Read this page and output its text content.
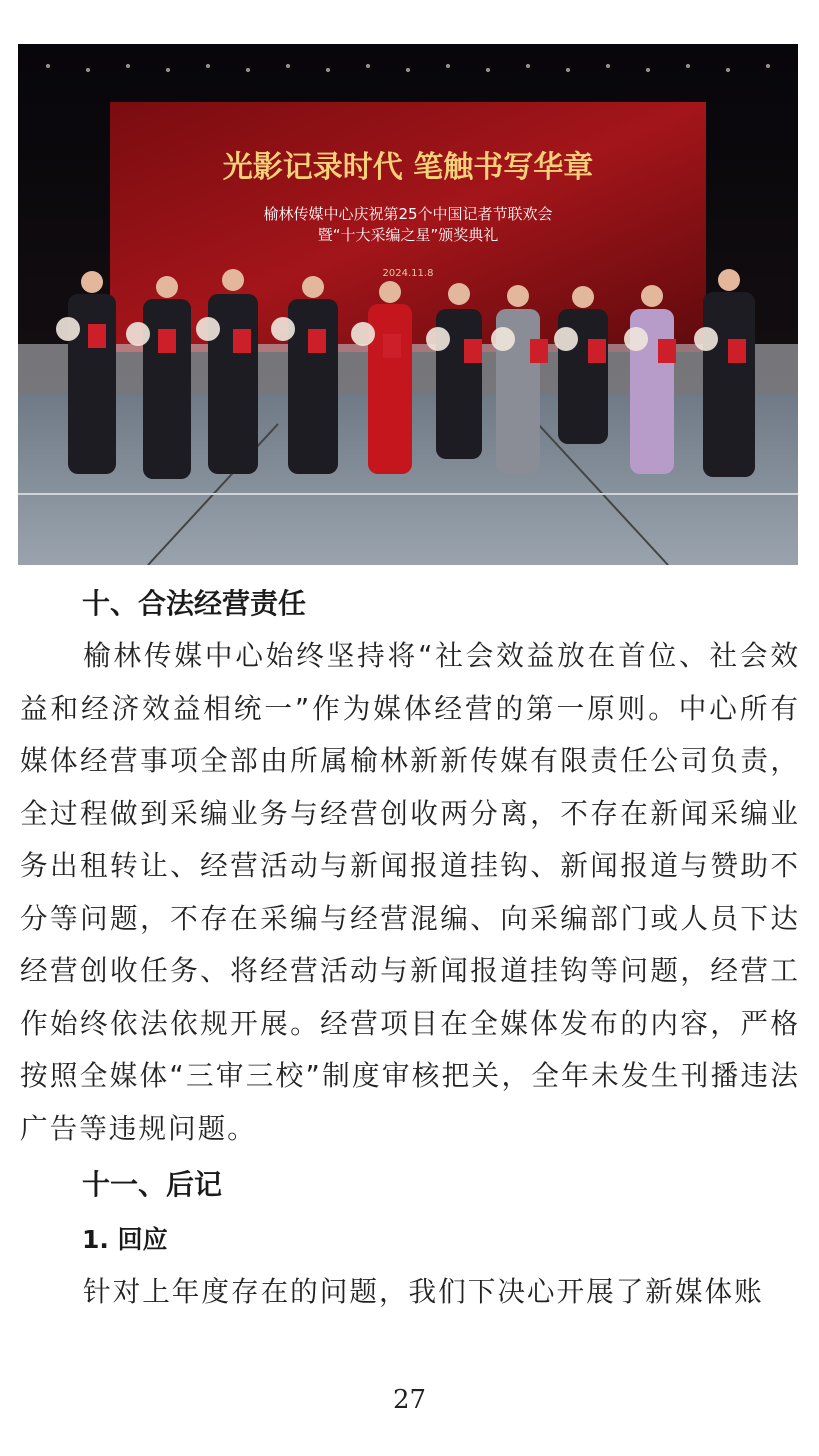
光影记录时代 笔触书写华章
榆林传媒中心庆祝第25个中国记者节联欢会
暨“十大采编之星”颁奖典礼
2024.11.8
十、合法经营责任
榆林传媒中心始终坚持将“社会效益放在首位、社会效益和经济效益相统一”作为媒体经营的第一原则。中心所有媒体经营事项全部由所属榆林新新传媒有限责任公司负责，全过程做到采编业务与经营创收两分离，不存在新闻采编业务出租转让、经营活动与新闻报道挂钩、新闻报道与赞助不分等问题，不存在采编与经营混编、向采编部门或人员下达经营创收任务、将经营活动与新闻报道挂钩等问题，经营工作始终依法依规开展。经营项目在全媒体发布的内容，严格按照全媒体“三审三校”制度审核把关，全年未发生刊播违法广告等违规问题。
十一、后记
1. 回应
针对上年度存在的问题，我们下决心开展了新媒体账
27
